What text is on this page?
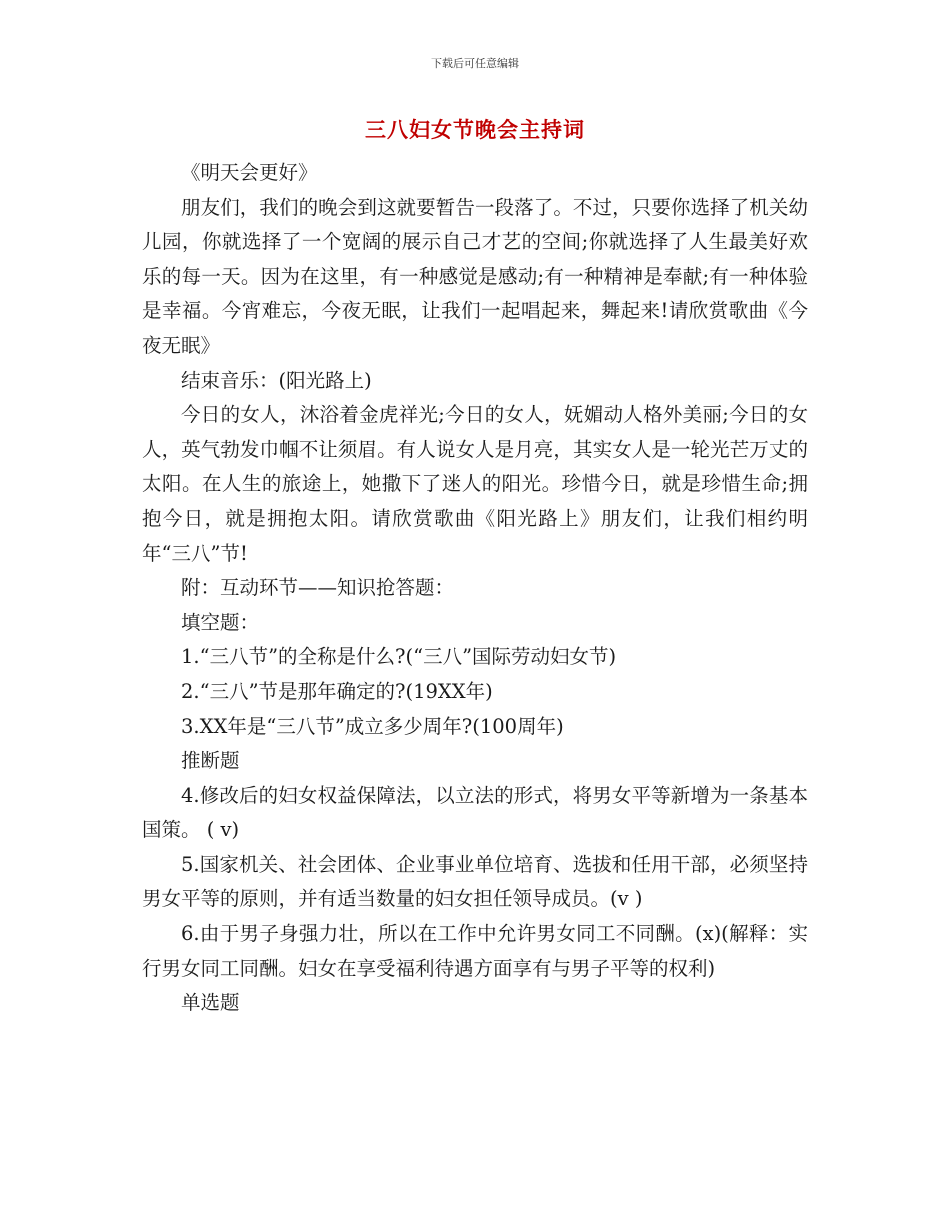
下载后可任意编辑
三八妇女节晚会主持词

《明天会更好》

朋友们，我们的晚会到这就要暂告一段落了。不过，只要你选择了机关幼儿园，你就选择了一个宽阔的展示自己才艺的空间;你就选择了人生最美好欢乐的每一天。因为在这里，有一种感觉是感动;有一种精神是奉献;有一种体验是幸福。今宵难忘，今夜无眠，让我们一起唱起来，舞起来!请欣赏歌曲《今夜无眠》

结束音乐：(阳光路上)

今日的女人，沐浴着金虎祥光;今日的女人，妩媚动人格外美丽;今日的女人，英气勃发巾帼不让须眉。有人说女人是月亮，其实女人是一轮光芒万丈的太阳。在人生的旅途上，她撒下了迷人的阳光。珍惜今日，就是珍惜生命;拥抱今日，就是拥抱太阳。请欣赏歌曲《阳光路上》朋友们，让我们相约明年“三八”节!

附：互动环节——知识抢答题：

填空题：

1.“三八节”的全称是什么?(“三八”国际劳动妇女节)

2.“三八”节是那年确定的?(19XX年)

3.XX年是“三八节”成立多少周年?(100周年)

推断题

4.修改后的妇女权益保障法，以立法的形式，将男女平等新增为一条基本国策。 ( v)

5.国家机关、社会团体、企业事业单位培育、选拔和任用干部，必须坚持男女平等的原则，并有适当数量的妇女担任领导成员。(v )

6.由于男子身强力壮，所以在工作中允许男女同工不同酬。(x)(解释：实行男女同工同酬。妇女在享受福利待遇方面享有与男子平等的权利)

单选题
